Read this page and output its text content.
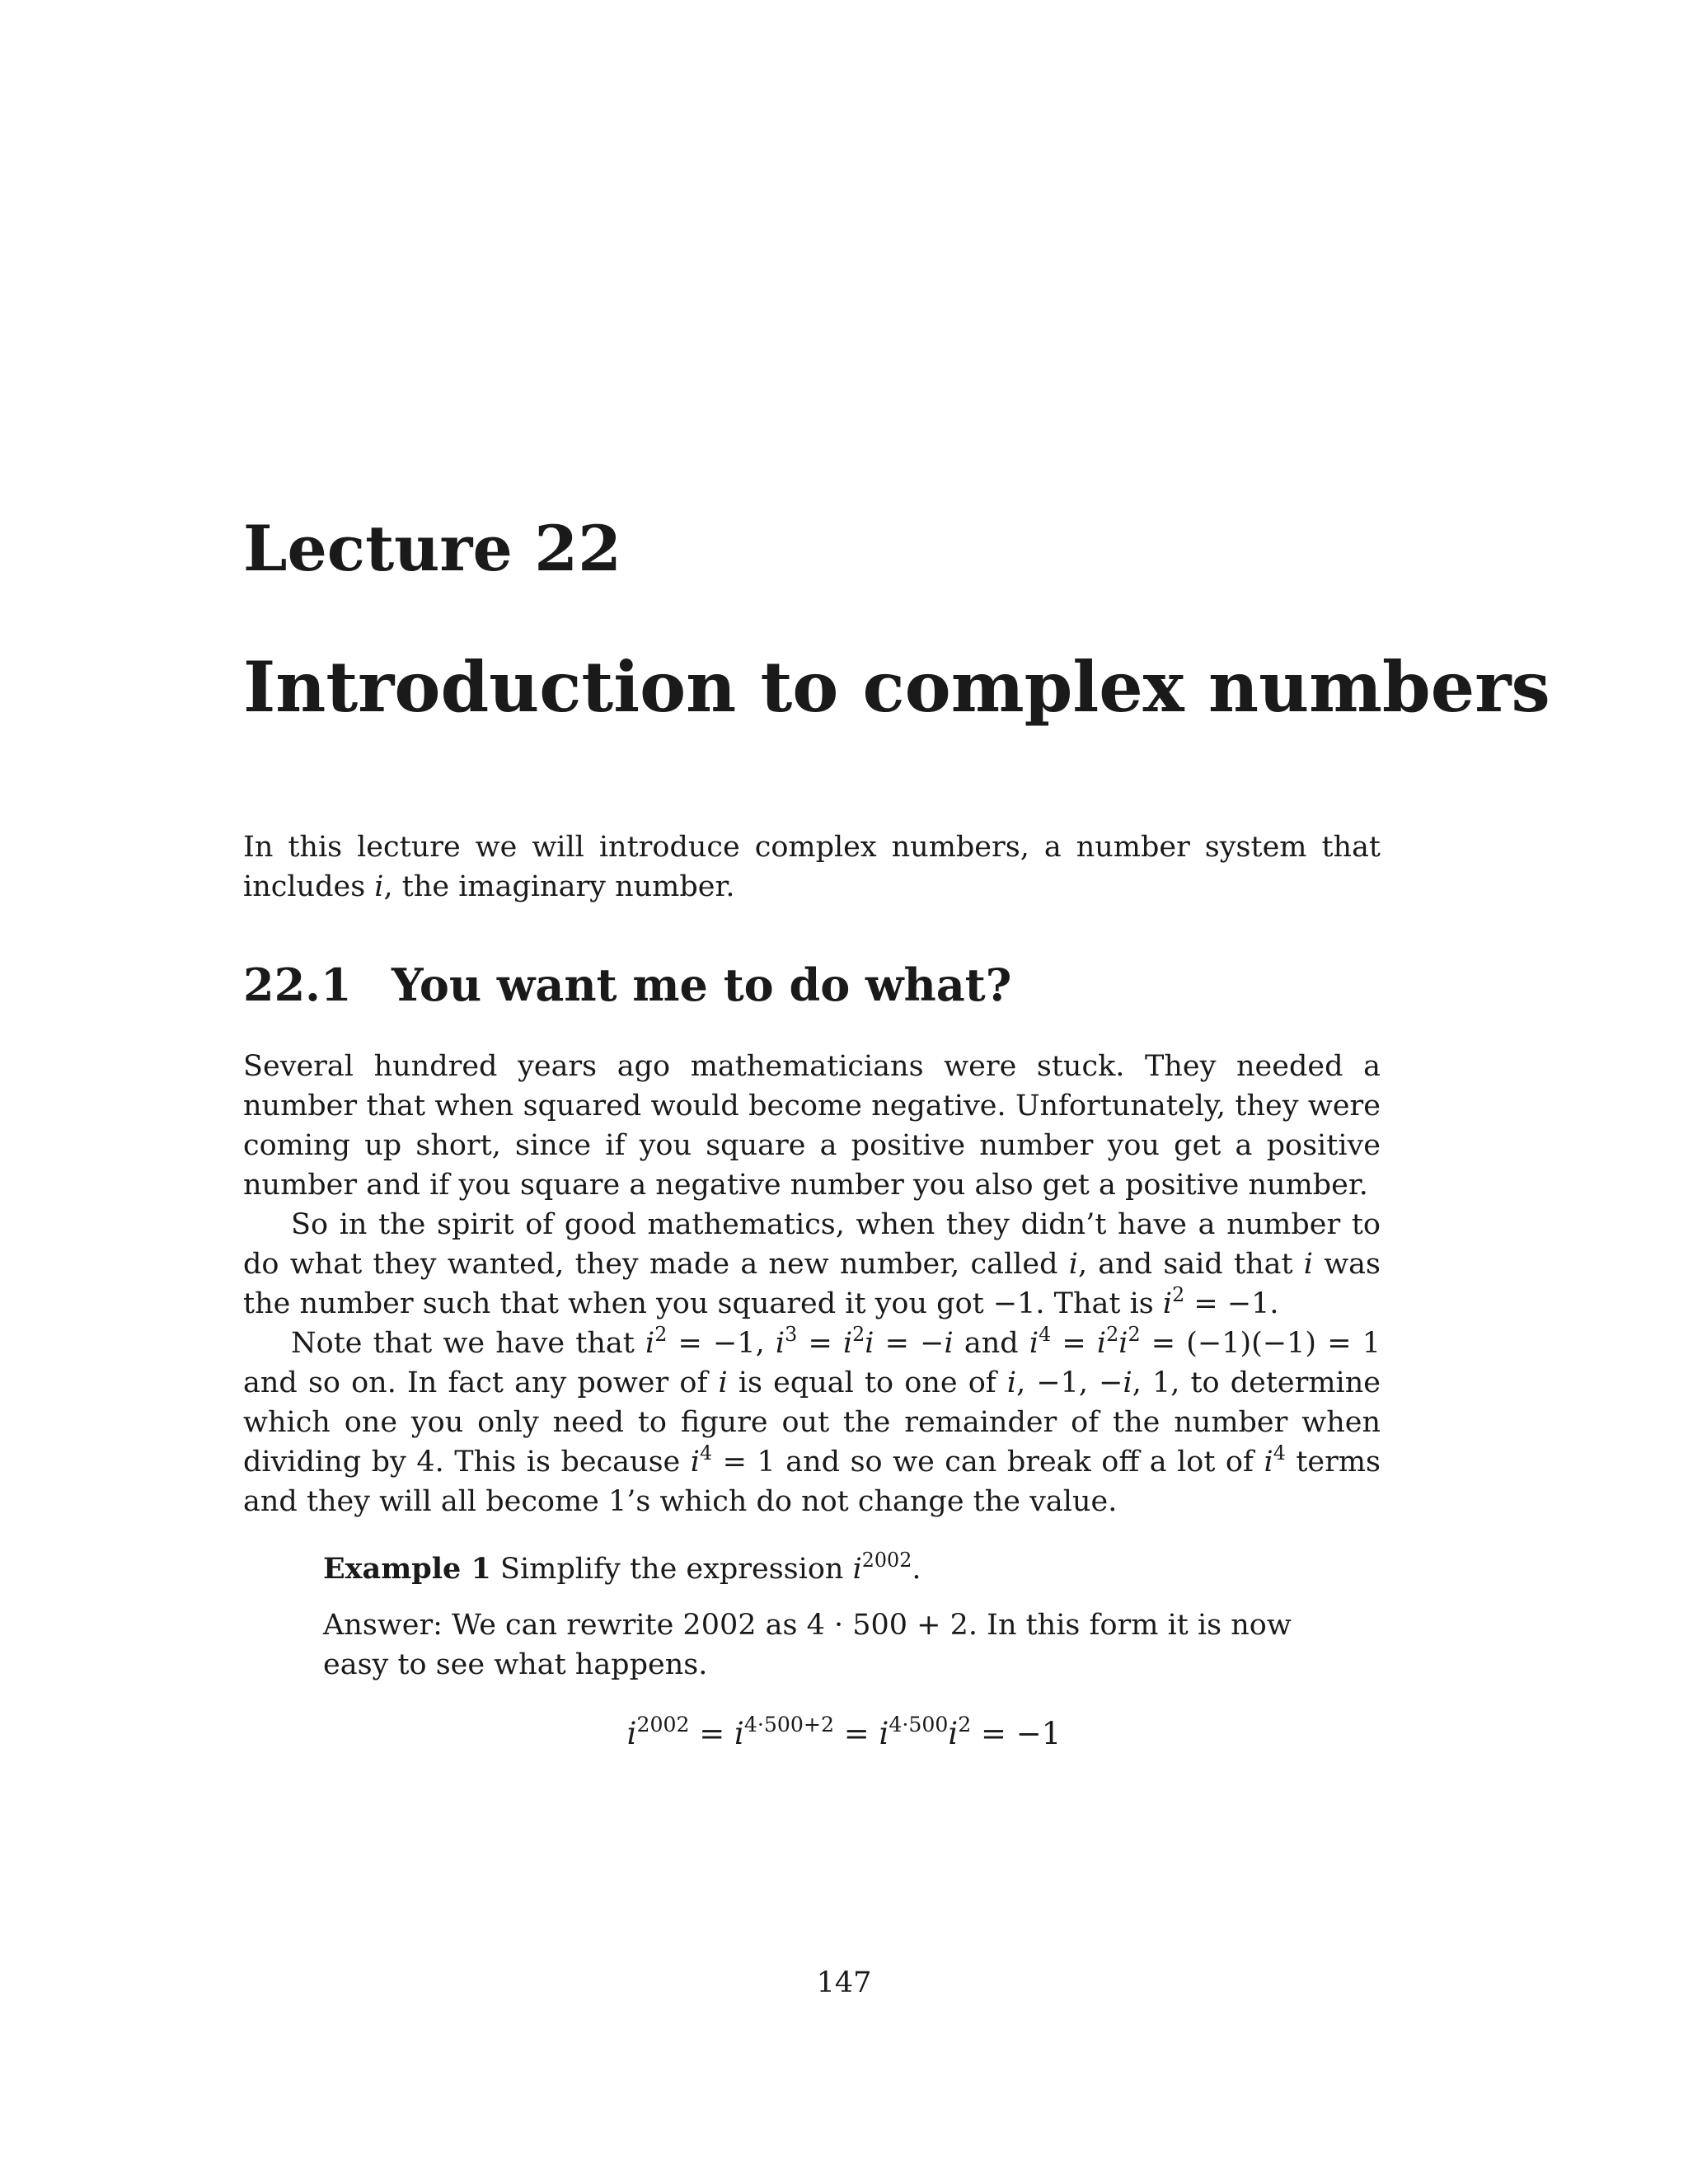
Lecture 22
Introduction to complex numbers

In this lecture we will introduce complex numbers, a number system that includes i, the imaginary number.

22.1 You want me to do what?

Several hundred years ago mathematicians were stuck. They needed a number that when squared would become negative. Unfortunately, they were coming up short, since if you square a positive number you get a positive number and if you square a negative number you also get a positive number.

So in the spirit of good mathematics, when they didn’t have a number to do what they wanted, they made a new number, called i, and said that i was the number such that when you squared it you got −1. That is $i^2 = -1$.

Note that we have that $i^2 = -1$, $i^3 = i^2i = -i$ and $i^4 = i^2i^2 = (-1)(-1) = 1$ and so on. In fact any power of i is equal to one of i, −1, −i, 1, to determine which one you only need to figure out the remainder of the number when dividing by 4. This is because $i^4 = 1$ and so we can break off a lot of $i^4$ terms and they will all become 1’s which do not change the value.

Example 1 Simplify the expression $i^{2002}$.

Answer: We can rewrite 2002 as 4 · 500 + 2. In this form it is now easy to see what happens.

$i^{2002} = i^{4\cdot 500+2} = i^{4\cdot 500}i^2 = -1$
147
